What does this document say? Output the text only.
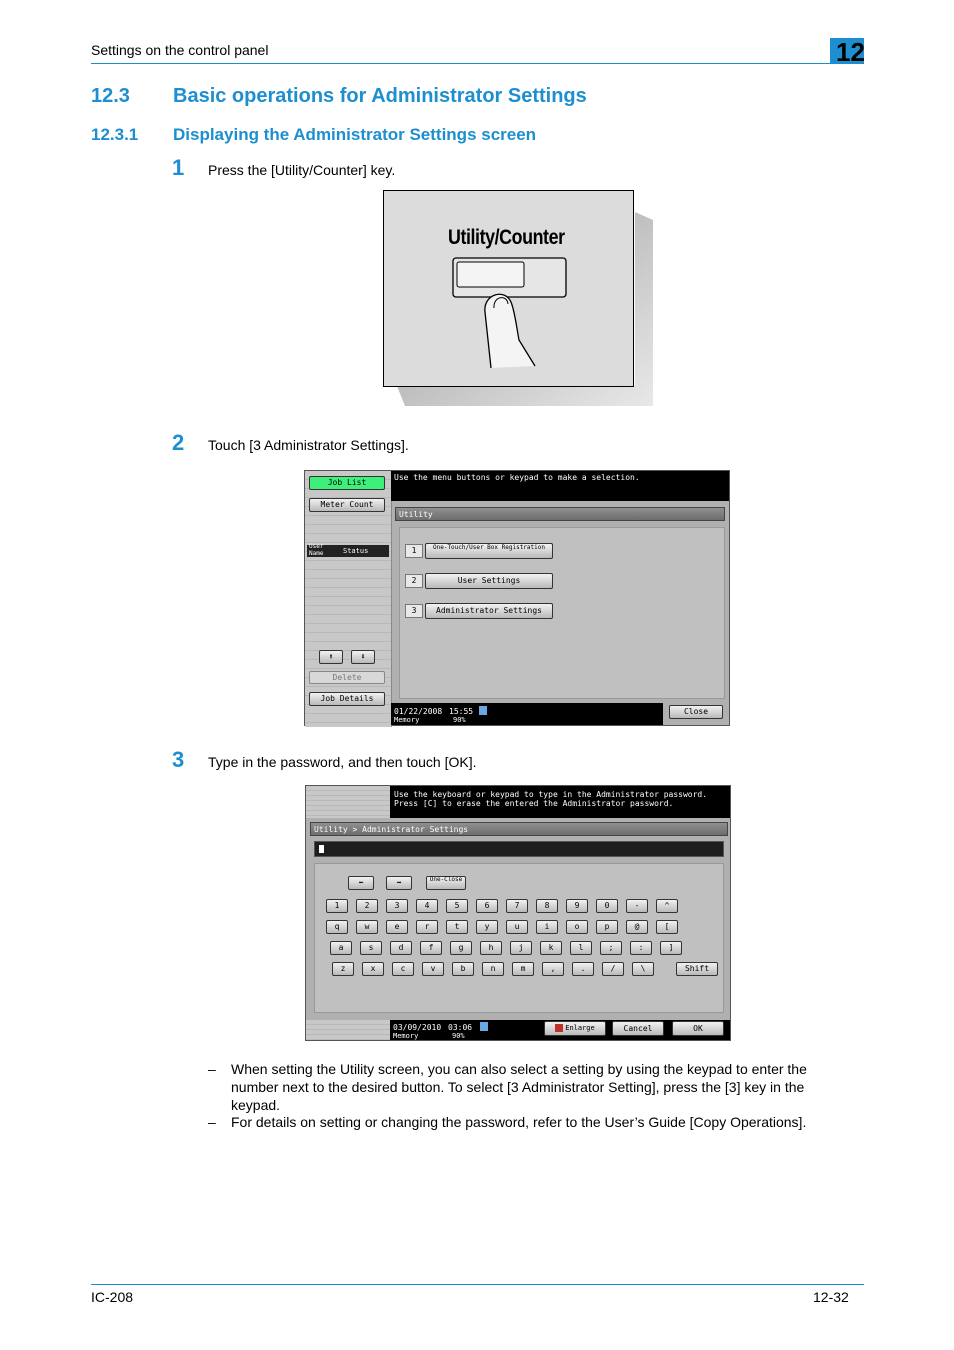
Settings on the control panel	12
12.3 Basic operations for Administrator Settings
12.3.1 Displaying the Administrator Settings screen
1 Press the [Utility/Counter] key.
Utility/Counter
2 Touch [3 Administrator Settings].
Job List
Meter Count
User Name	Status
⬆	⬇
Delete
Job Details
Use the menu buttons or keypad to make a selection.
Utility
1	One-Touch/User Box Registration
2	User Settings
3	Administrator Settings
01/22/2008 15:55
Memory	90%
Close
3 Type in the password, and then touch [OK].
Use the keyboard or keypad to type in the Administrator password.
Press [C] to erase the entered the Administrator password.
Utility > Administrator Settings
⬅	➡	One-Close
1	2	3	4	5	6	7	8	9	0	-	^
q	w	e	r	t	y	u	i	o	p	@	[
a	s	d	f	g	h	j	k	l	;	:	]
z	x	c	v	b	n	m	,	.	/	\	Shift
03/09/2010 03:06
Memory	90%
Enlarge	Cancel	OK
– When setting the Utility screen, you can also select a setting by using the keypad to enter the number next to the desired button. To select [3 Administrator Setting], press the [3] key in the keypad.
– For details on setting or changing the password, refer to the User’s Guide [Copy Operations].
IC-208	12-32
